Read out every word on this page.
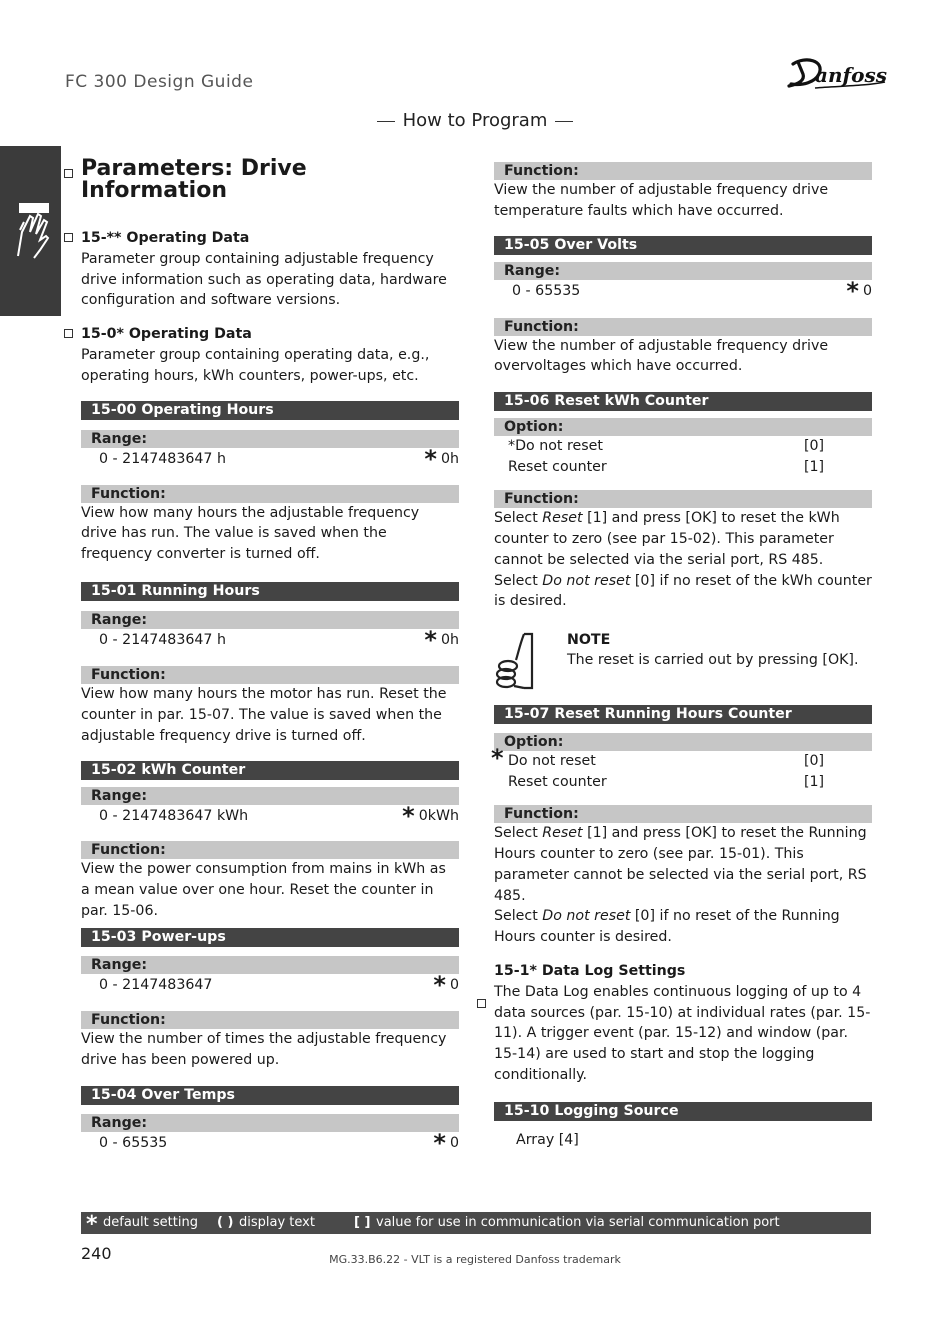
FC 300 Design Guide	anfoss
How to Program
Parameters: Drive
Information

15-** Operating Data

Parameter group containing adjustable frequency drive information such as operating data, hardware configuration and software versions.

15-0* Operating Data

Parameter group containing operating data, e.g., operating hours, kWh counters, power-ups, etc.

15-00 Operating Hours
Range:
0 - 2147483647 h	* 0h
Function:

View how many hours the adjustable frequency drive has run. The value is saved when the frequency converter is turned off.

15-01 Running Hours
Range:
0 - 2147483647 h	* 0h
Function:

View how many hours the motor has run. Reset the counter in par. 15-07. The value is saved when the adjustable frequency drive is turned off.

15-02 kWh Counter
Range:
0 - 2147483647 kWh	* 0kWh
Function:

View the power consumption from mains in kWh as a mean value over one hour. Reset the counter in par. 15-06.

15-03 Power-ups
Range:
0 - 2147483647	* 0
Function:

View the number of times the adjustable frequency drive has been powered up.

15-04 Over Temps
Range:
0 - 65535	* 0
Function:

View the number of adjustable frequency drive temperature faults which have occurred.

15-05 Over Volts
Range:
0 - 65535	* 0
Function:

View the number of adjustable frequency drive overvoltages which have occurred.

15-06 Reset kWh Counter
Option:
*Do not reset	[0]
Reset counter	[1]
Function:

Select Reset [1] and press [OK] to reset the kWh counter to zero (see par 15-02). This parameter cannot be selected via the serial port, RS 485.
Select Do not reset [0] if no reset of the kWh counter is desired.

NOTE
The reset is carried out by pressing [OK].
15-07 Reset Running Hours Counter
Option:
* Do not reset	[0]
Reset counter	[1]
Function:

Select Reset [1] and press [OK] to reset the Running Hours counter to zero (see par. 15-01). This parameter cannot be selected via the serial port, RS 485.
Select Do not reset [0] if no reset of the Running Hours counter is desired.

15-1* Data Log Settings

The Data Log enables continuous logging of up to 4 data sources (par. 15-10) at individual rates (par. 15-11). A trigger event (par. 15-12) and window (par. 15-14) are used to start and stop the logging conditionally.

15-10 Logging Source

Array [4]

* default setting ( ) display text	[ ] value for use in communication via serial communication port
240	MG.33.B6.22 - VLT is a registered Danfoss trademark
